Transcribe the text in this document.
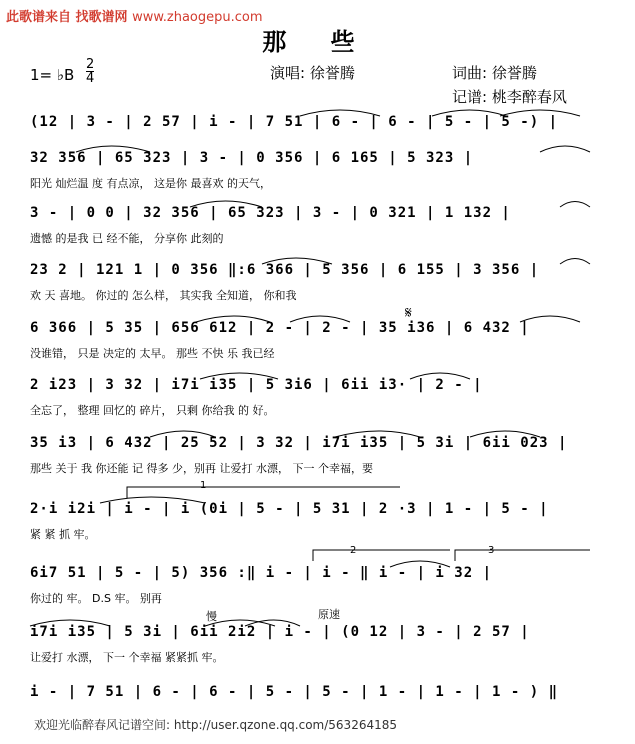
此歌谱来自 找歌谱网 www.zhaogepu.com
那 些
1= ♭B $\frac{2}{4}$	演唱: 徐誉腾	词曲: 徐誉腾
记谱: 桃李醉春风
(12 | 3 - | 2 57 | i - | 7 51 | 6 - | 6 - | 5 - | 5 -) |
32 356 | 65 323 | 3 - | 0 356 | 6 165 | 5 323 |
阳光 灿烂温 度 有点凉， 这是你 最喜欢 的天气，
3 - | 0 0 | 32 356 | 65 323 | 3 - | 0 321 | 1 132 |
遗憾 的是我 已 经不能， 分享你 此刻的
23 2 | 121 1 | 0 356 ‖:6 366 | 5 356 | 6 155 | 3 356 |
欢 天 喜地。 你过的 怎么样， 其实我 全知道， 你和我
6 366 | 5 35 | 656 612 | 2 - | 2 - | 35 i36 | 6 432 |
没谁错， 只是 决定的 太早。 那些 不快 乐 我已经
2 i23 | 3 32 | i7i i35 | 5 3i6 | 6ii i3· | 2 - |
全忘了， 整理 回忆的 碎片， 只剩 你给我 的 好。
35 i3 | 6 432 | 25 52 | 3 32 | i7i i35 | 5 3i | 6ii 023 |
那些 关于 我 你还能 记 得多 少，别再 让爱打 水漂， 下一 个幸福，要
2·i i2i | i - | i (0i | 5 - | 5 31 | 2 ·3 | 1 - | 5 - |
紧 紧 抓 牢。
6i7 51 | 5 - | 5) 356 :‖ i - | i - ‖ i - | i 32 |
你过的 牢。 D.S 牢。 别再
i7i i35 | 5 3i | 6ii 2i2 | i - | (0 12 | 3 - | 2 57 |
让爱打 水漂， 下一 个幸福 紧紧抓 牢。
i - | 7 51 | 6 - | 6 - | 5 - | 5 - | 1 - | 1 - | 1 - ) ‖
1
2	3
𝄋
慢	原速
欢迎光临醉春风记谱空间: http://user.qzone.qq.com/563264185
